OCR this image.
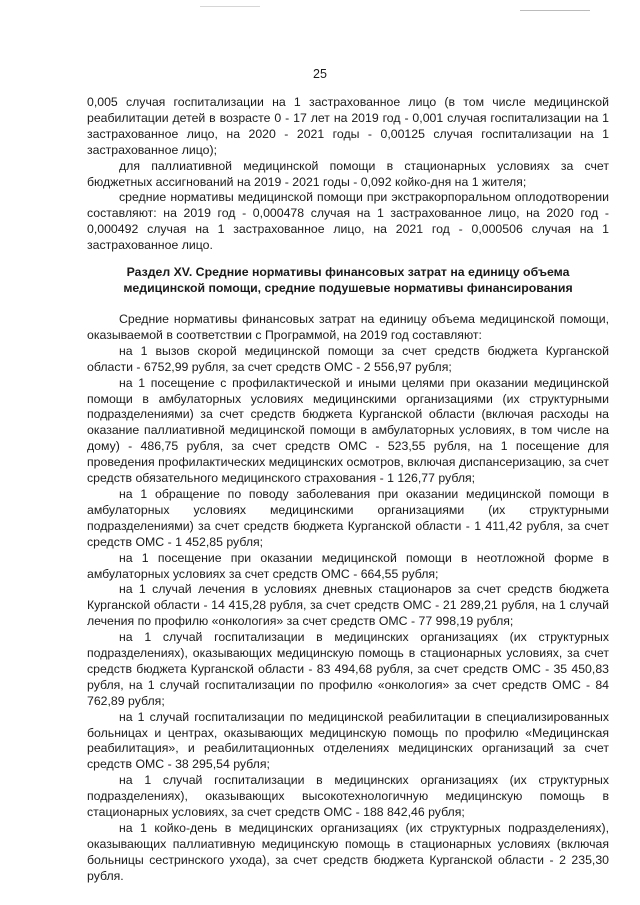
25

0,005 случая госпитализации на 1 застрахованное лицо (в том числе медицинской реабилитации детей в возрасте 0 - 17 лет на 2019 год - 0,001 случая госпитализации на 1 застрахованное лицо, на 2020 - 2021 годы - 0,00125 случая госпитализации на 1 застрахованное лицо);

для паллиативной медицинской помощи в стационарных условиях за счет бюджетных ассигнований на 2019 - 2021 годы - 0,092 койко-дня на 1 жителя;

средние нормативы медицинской помощи при экстракорпоральном оплодотворении составляют: на 2019 год - 0,000478 случая на 1 застрахованное лицо, на 2020 год - 0,000492 случая на 1 застрахованное лицо, на 2021 год - 0,000506 случая на 1 застрахованное лицо.

Раздел XV. Средние нормативы финансовых затрат на единицу объема медицинской помощи, средние подушевые нормативы финансирования

Средние нормативы финансовых затрат на единицу объема медицинской помощи, оказываемой в соответствии с Программой, на 2019 год составляют:

на 1 вызов скорой медицинской помощи за счет средств бюджета Курганской области - 6752,99 рубля, за счет средств ОМС - 2 556,97 рубля;

на 1 посещение с профилактической и иными целями при оказании медицинской помощи в амбулаторных условиях медицинскими организациями (их структурными подразделениями) за счет средств бюджета Курганской области (включая расходы на оказание паллиативной медицинской помощи в амбулаторных условиях, в том числе на дому) - 486,75 рубля, за счет средств ОМС - 523,55 рубля, на 1 посещение для проведения профилактических медицинских осмотров, включая диспансеризацию, за счет средств обязательного медицинского страхования - 1 126,77 рубля;

на 1 обращение по поводу заболевания при оказании медицинской помощи в амбулаторных условиях медицинскими организациями (их структурными подразделениями) за счет средств бюджета Курганской области - 1 411,42 рубля, за счет средств ОМС - 1 452,85 рубля;

на 1 посещение при оказании медицинской помощи в неотложной форме в амбулаторных условиях за счет средств ОМС - 664,55 рубля;

на 1 случай лечения в условиях дневных стационаров за счет средств бюджета Курганской области - 14 415,28 рубля, за счет средств ОМС - 21 289,21 рубля, на 1 случай лечения по профилю «онкология» за счет средств ОМС - 77 998,19 рубля;

на 1 случай госпитализации в медицинских организациях (их структурных подразделениях), оказывающих медицинскую помощь в стационарных условиях, за счет средств бюджета Курганской области - 83 494,68 рубля, за счет средств ОМС - 35 450,83 рубля, на 1 случай госпитализации по профилю «онкология» за счет средств ОМС - 84 762,89 рубля;

на 1 случай госпитализации по медицинской реабилитации в специализированных больницах и центрах, оказывающих медицинскую помощь по профилю «Медицинская реабилитация», и реабилитационных отделениях медицинских организаций за счет средств ОМС - 38 295,54 рубля;

на 1 случай госпитализации в медицинских организациях (их структурных подразделениях), оказывающих высокотехнологичную медицинскую помощь в стационарных условиях, за счет средств ОМС - 188 842,46 рубля;

на 1 койко-день в медицинских организациях (их структурных подразделениях), оказывающих паллиативную медицинскую помощь в стационарных условиях (включая больницы сестринского ухода), за счет средств бюджета Курганской области - 2 235,30 рубля.
